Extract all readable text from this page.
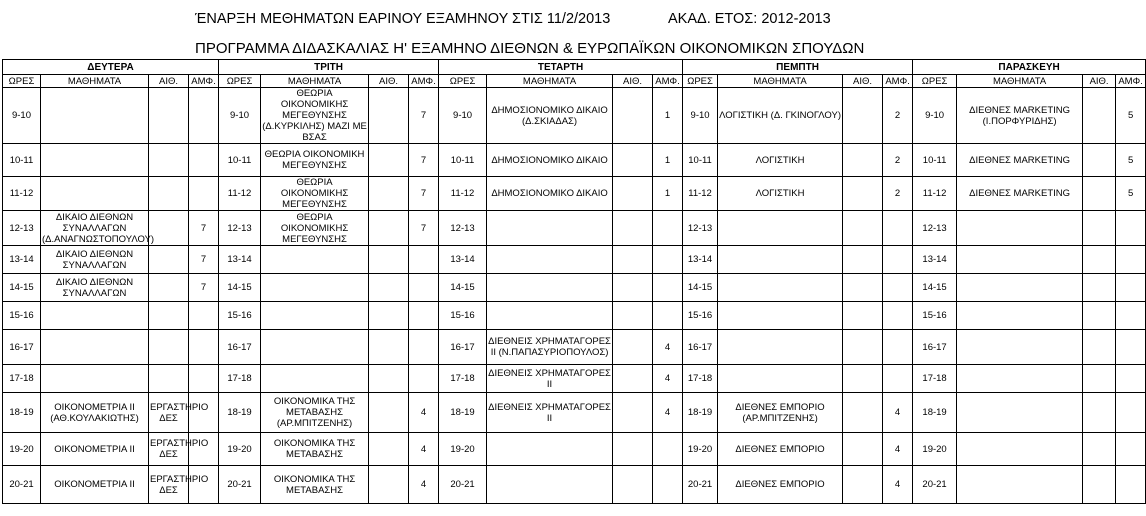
ΈΝΑΡΞΗ ΜΕΘΗΜΑΤΩΝ ΕΑΡΙΝΟΥ ΕΞΑΜΗΝΟΥ ΣΤΙΣ 11/2/2013	ΑΚΑΔ. ΕΤΟΣ: 2012-2013
ΠΡΟΓΡΑΜΜΑ ΔΙΔΑΣΚΑΛΙΑΣ Η' ΕΞΑΜΗΝΟ ΔΙΕΘΝΩΝ & ΕΥΡΩΠΑΪΚΩΝ ΟΙΚΟΝΟΜΙΚΩΝ ΣΠΟΥΔΩΝ
ΔΕΥΤΕΡΑ				ΤΡΙΤΗ				ΤΕΤΑΡΤΗ				ΠΕΜΠΤΗ				ΠΑΡΑΣΚΕΥΗ			
ΩΡΕΣ	ΜΑΘΗΜΑΤΑ	ΑΙΘ.	ΑΜΦ.	ΩΡΕΣ	ΜΑΘΗΜΑΤΑ	ΑΙΘ.	ΑΜΦ.	ΩΡΕΣ	ΜΑΘΗΜΑΤΑ	ΑΙΘ.	ΑΜΦ.	ΩΡΕΣ	ΜΑΘΗΜΑΤΑ	ΑΙΘ.	ΑΜΦ.	ΩΡΕΣ	ΜΑΘΗΜΑΤΑ	ΑΙΘ.	ΑΜΦ.
9-10				9-10	ΘΕΩΡΙΑ ΟΙΚΟΝΟΜΙΚΗΣ ΜΕΓΕΘΥΝΣΗΣ (Δ.ΚΥΡΚΙΛΗΣ) ΜΑΖΙ ΜΕ ΒΣΑΣ		7	9-10	ΔΗΜΟΣΙΟΝΟΜΙΚΟ ΔΙΚΑΙΟ (Δ.ΣΚΙΑΔΑΣ)		1	9-10	ΛΟΓΙΣΤΙΚΗ (Δ. ΓΚΙΝΟΓΛΟΥ)		2	9-10	ΔΙΕΘΝΕΣ MARKETING (Ι.ΠΟΡΦΥΡΙΔΗΣ)		5
10-11				10-11	ΘΕΩΡΙΑ ΟΙΚΟΝΟΜΙΚΗ ΜΕΓΕΘΥΝΣΗΣ		7	10-11	ΔΗΜΟΣΙΟΝΟΜΙΚΟ ΔΙΚΑΙΟ		1	10-11	ΛΟΓΙΣΤΙΚΗ		2	10-11	ΔΙΕΘΝΕΣ MARKETING		5
11-12				11-12	ΘΕΩΡΙΑ ΟΙΚΟΝΟΜΙΚΗΣ ΜΕΓΕΘΥΝΣΗΣ		7	11-12	ΔΗΜΟΣΙΟΝΟΜΙΚΟ ΔΙΚΑΙΟ		1	11-12	ΛΟΓΙΣΤΙΚΗ		2	11-12	ΔΙΕΘΝΕΣ MARKETING		5
12-13	ΔΙΚΑΙΟ ΔΙΕΘΝΩΝ ΣΥΝΑΛΛΑΓΩΝ (Δ.ΑΝΑΓΝΩΣΤΟΠΟΥΛΟΥ)		7	12-13	ΘΕΩΡΙΑ ΟΙΚΟΝΟΜΙΚΗΣ ΜΕΓΕΘΥΝΣΗΣ		7	12-13				12-13				12-13			
13-14	ΔΙΚΑΙΟ ΔΙΕΘΝΩΝ ΣΥΝΑΛΛΑΓΩΝ		7	13-14				13-14				13-14				13-14			
14-15	ΔΙΚΑΙΟ ΔΙΕΘΝΩΝ ΣΥΝΑΛΛΑΓΩΝ		7	14-15				14-15				14-15				14-15			
15-16				15-16				15-16				15-16				15-16			
16-17				16-17				16-17	ΔΙΕΘΝΕΙΣ ΧΡΗΜΑΤΑΓΟΡΕΣ ΙΙ (Ν.ΠΑΠΑΣΥΡΙΟΠΟΥΛΟΣ)		4	16-17				16-17			
17-18				17-18				17-18	ΔΙΕΘΝΕΙΣ ΧΡΗΜΑΤΑΓΟΡΕΣ ΙΙ		4	17-18				17-18			
18-19	ΟΙΚΟΝΟΜΕΤΡΙΑ ΙΙ (ΑΘ.ΚΟΥΛΑΚΙΩΤΗΣ)	ΕΡΓΑΣΤΗΡΙΟ ΔΕΣ		18-19	ΟΙΚΟΝΟΜΙΚΑ ΤΗΣ ΜΕΤΑΒΑΣΗΣ (ΑΡ.ΜΠΙΤΖΕΝΗΣ)		4	18-19	ΔΙΕΘΝΕΙΣ ΧΡΗΜΑΤΑΓΟΡΕΣ ΙΙ		4	18-19	ΔΙΕΘΝΕΣ ΕΜΠΟΡΙΟ (ΑΡ.ΜΠΙΤΖΕΝΗΣ)		4	18-19			
19-20	ΟΙΚΟΝΟΜΕΤΡΙΑ ΙΙ	ΕΡΓΑΣΤΗΡΙΟ ΔΕΣ		19-20	ΟΙΚΟΝΟΜΙΚΑ ΤΗΣ ΜΕΤΑΒΑΣΗΣ		4	19-20				19-20	ΔΙΕΘΝΕΣ ΕΜΠΟΡΙΟ		4	19-20			
20-21	ΟΙΚΟΝΟΜΕΤΡΙΑ ΙΙ	ΕΡΓΑΣΤΗΡΙΟ ΔΕΣ		20-21	ΟΙΚΟΝΟΜΙΚΑ ΤΗΣ ΜΕΤΑΒΑΣΗΣ		4	20-21				20-21	ΔΙΕΘΝΕΣ ΕΜΠΟΡΙΟ		4	20-21			
